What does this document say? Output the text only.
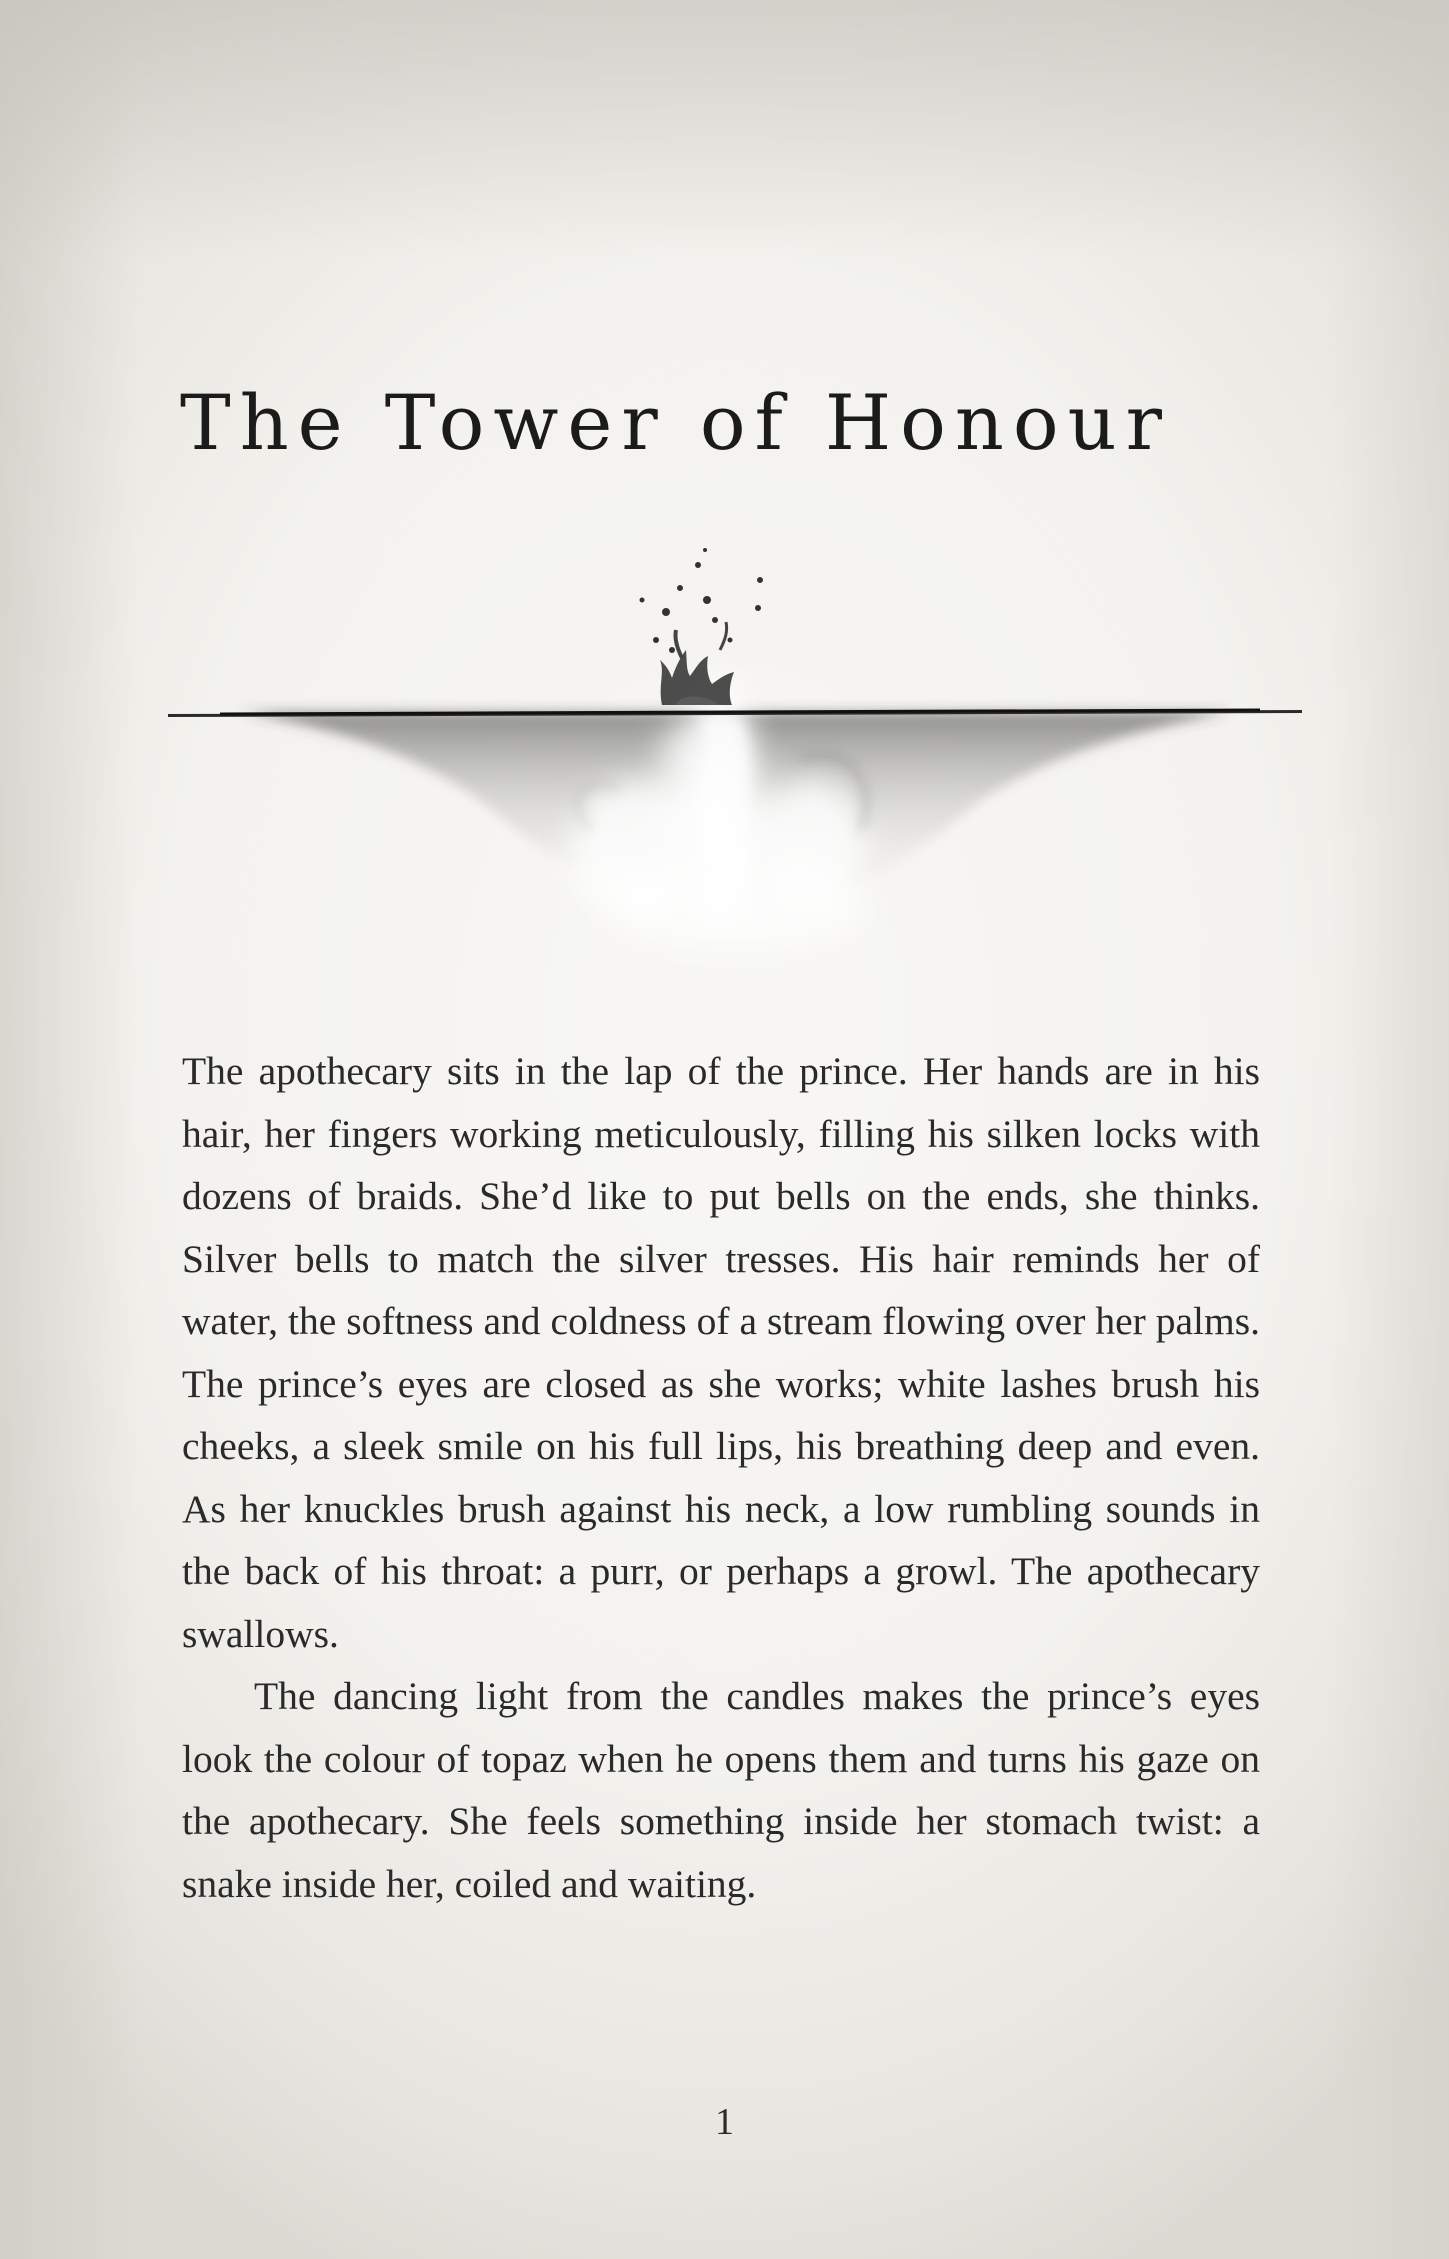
The Tower of Honour

The apothecary sits in the lap of the prince. Her hands are in his hair, her fingers working meticulously, filling his silken locks with dozens of braids. She’d like to put bells on the ends, she thinks. Silver bells to match the silver tresses. His hair reminds her of water, the softness and coldness of a stream flowing over her palms. The prince’s eyes are closed as she works; white lashes brush his cheeks, a sleek smile on his full lips, his breathing deep and even. As her knuckles brush against his neck, a low rumbling sounds in the back of his throat: a purr, or perhaps a growl. The apothecary swallows.

The dancing light from the candles makes the prince’s eyes look the colour of topaz when he opens them and turns his gaze on the apothecary. She feels something inside her stomach twist: a snake inside her, coiled and waiting.

1
